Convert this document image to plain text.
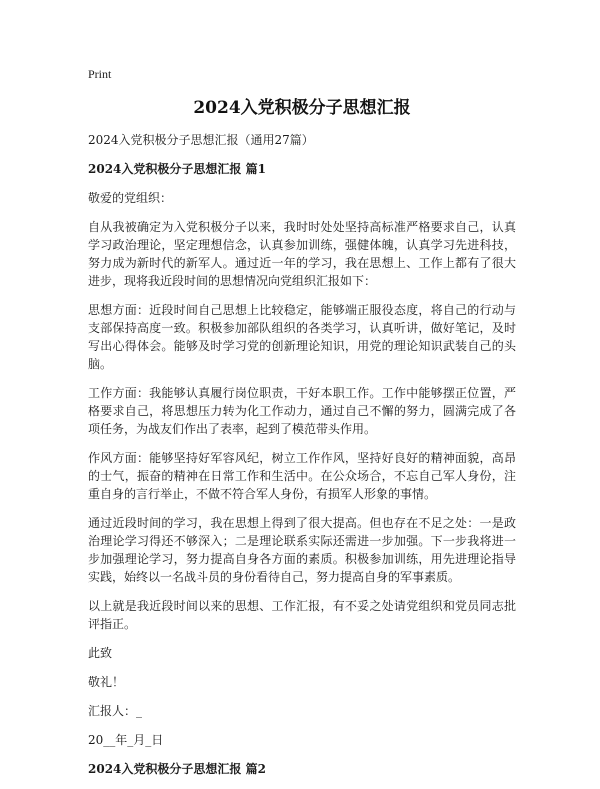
Print
2024入党积极分子思想汇报

2024入党积极分子思想汇报（通用27篇）

2024入党积极分子思想汇报 篇1

敬爱的党组织：

自从我被确定为入党积极分子以来，我时时处处坚持高标准严格要求自己，认真学习政治理论，坚定理想信念，认真参加训练，强健体魄，认真学习先进科技，努力成为新时代的新军人。通过近一年的学习，我在思想上、工作上都有了很大进步，现将我近段时间的思想情况向党组织汇报如下：

思想方面：近段时间自己思想上比较稳定，能够端正服役态度，将自己的行动与支部保持高度一致。积极参加部队组织的各类学习，认真听讲，做好笔记，及时写出心得体会。能够及时学习党的创新理论知识，用党的理论知识武装自己的头脑。

工作方面：我能够认真履行岗位职责，干好本职工作。工作中能够摆正位置，严格要求自己，将思想压力转为化工作动力，通过自己不懈的努力，圆满完成了各项任务，为战友们作出了表率，起到了模范带头作用。

作风方面：能够坚持好军容风纪，树立工作作风，坚持好良好的精神面貌，高昂的士气，振奋的精神在日常工作和生活中。在公众场合，不忘自己军人身份，注重自身的言行举止，不做不符合军人身份，有损军人形象的事情。

通过近段时间的学习，我在思想上得到了很大提高。但也存在不足之处：一是政治理论学习得还不够深入；二是理论联系实际还需进一步加强。下一步我将进一步加强理论学习，努力提高自身各方面的素质。积极参加训练，用先进理论指导实践，始终以一名战斗员的身份看待自己，努力提高自身的军事素质。

以上就是我近段时间以来的思想、工作汇报，有不妥之处请党组织和党员同志批评指正。

此致

敬礼！

汇报人：_

20__年_月_日

2024入党积极分子思想汇报 篇2
